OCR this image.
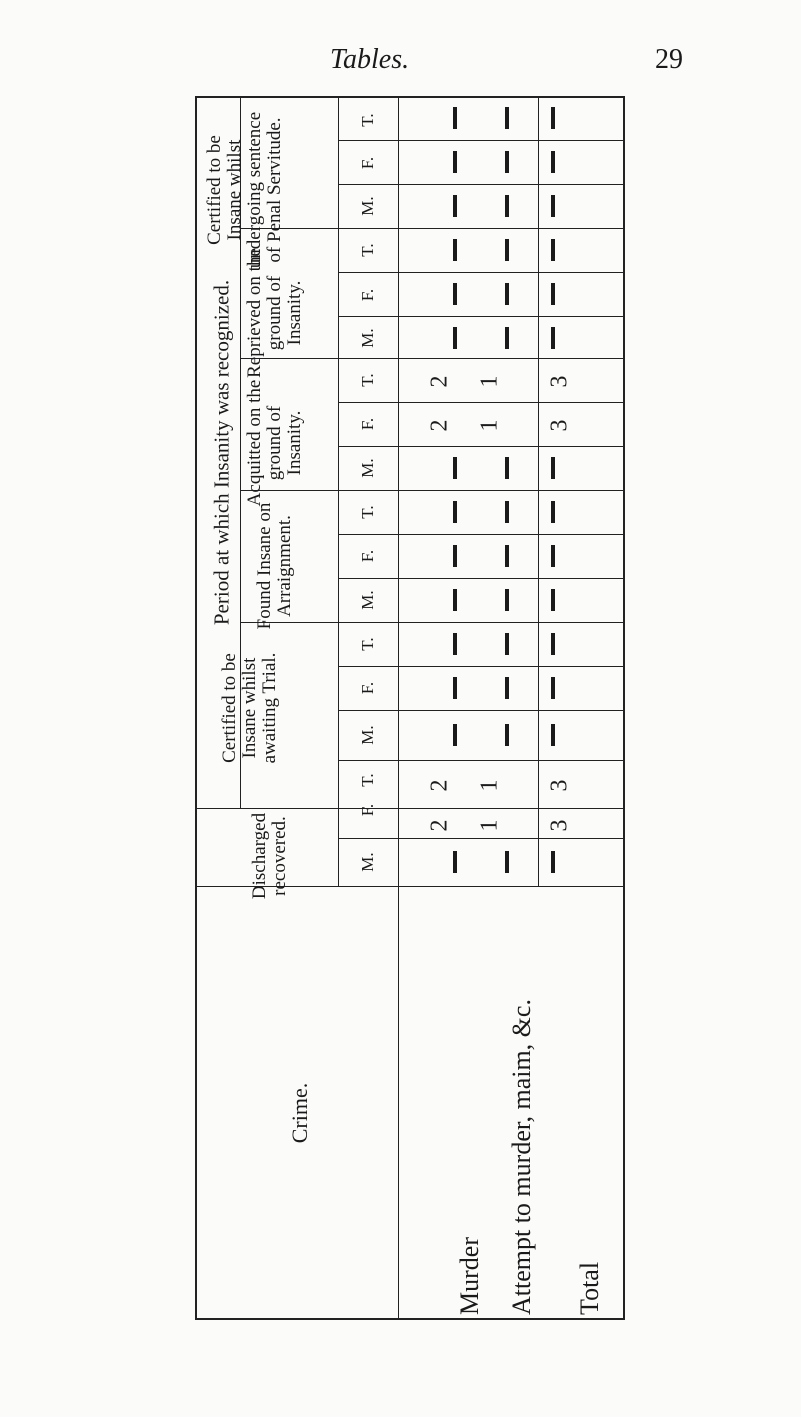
Tables.	29
Period at which Insanity was recognized.
Certified to be Insane whilst undergoing sentence of Penal Servitude.
Reprieved on the ground of Insanity.
Acquitted on the ground of Insanity.
Found Insane on Arraignment.
Certified to be Insane whilst awaiting Trial.
Discharged recovered.
T.
F.
M.
T.
F.
M.
T.
F.
M.
T.
F.
M.
T.
F.
M.
T.
F.
M.
2 1 3
2 1 3
2 1 3
2 1 3
Crime.
Murder Attempt to murder, maim, &c. Total
